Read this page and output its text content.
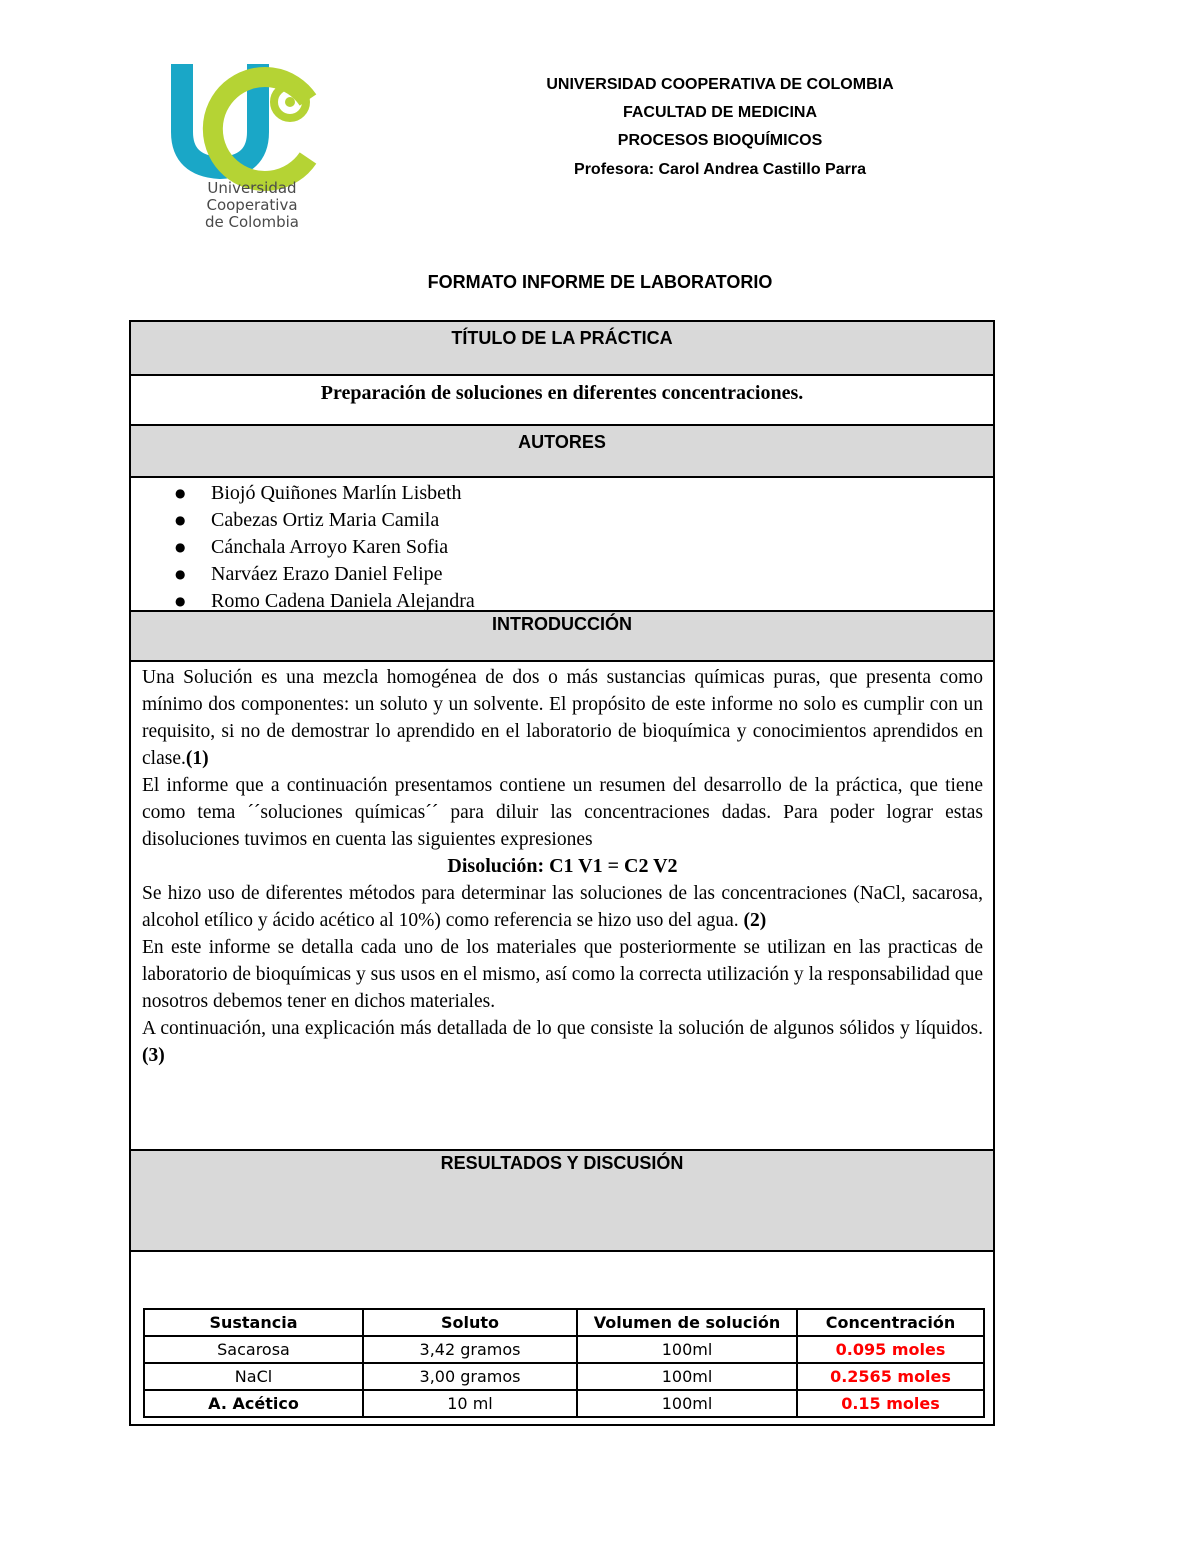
Universidad Cooperativa
de Colombia
UNIVERSIDAD COOPERATIVA DE COLOMBIA
FACULTAD DE MEDICINA
PROCESOS BIOQUÍMICOS
Profesora: Carol Andrea Castillo Parra
FORMATO INFORME DE LABORATORIO
TÍTULO DE LA PRÁCTICA
Preparación de soluciones en diferentes concentraciones.
AUTORES
● Biojó Quiñones Marlín Lisbeth
● Cabezas Ortiz Maria Camila
● Cánchala Arroyo Karen Sofia
● Narváez Erazo Daniel Felipe
● Romo Cadena Daniela Alejandra
INTRODUCCIÓN

Una Solución es una mezcla homogénea de dos o más sustancias químicas puras, que presenta como mínimo dos componentes: un soluto y un solvente. El propósito de este informe no solo es cumplir con un requisito, si no de demostrar lo aprendido en el laboratorio de bioquímica y conocimientos aprendidos en clase.(1)

El informe que a continuación presentamos contiene un resumen del desarrollo de la práctica, que tiene como tema ´´soluciones químicas´´ para diluir las concentraciones dadas. Para poder lograr estas disoluciones tuvimos en cuenta las siguientes expresiones

Disolución: C1 V1 = C2 V2

Se hizo uso de diferentes métodos para determinar las soluciones de las concentraciones (NaCl, sacarosa, alcohol etílico y ácido acético al 10%) como referencia se hizo uso del agua. (2)

En este informe se detalla cada uno de los materiales que posteriormente se utilizan en las practicas de laboratorio de bioquímicas y sus usos en el mismo, así como la correcta utilización y la responsabilidad que nosotros debemos tener en dichos materiales.

A continuación, una explicación más detallada de lo que consiste la solución de algunos sólidos y líquidos.(3)

RESULTADOS Y DISCUSIÓN
Sustancia	Soluto	Volumen de solución	Concentración
Sacarosa	3,42 gramos	100ml	0.095 moles
NaCl	3,00 gramos	100ml	0.2565 moles
A. Acético	10 ml	100ml	0.15 moles
